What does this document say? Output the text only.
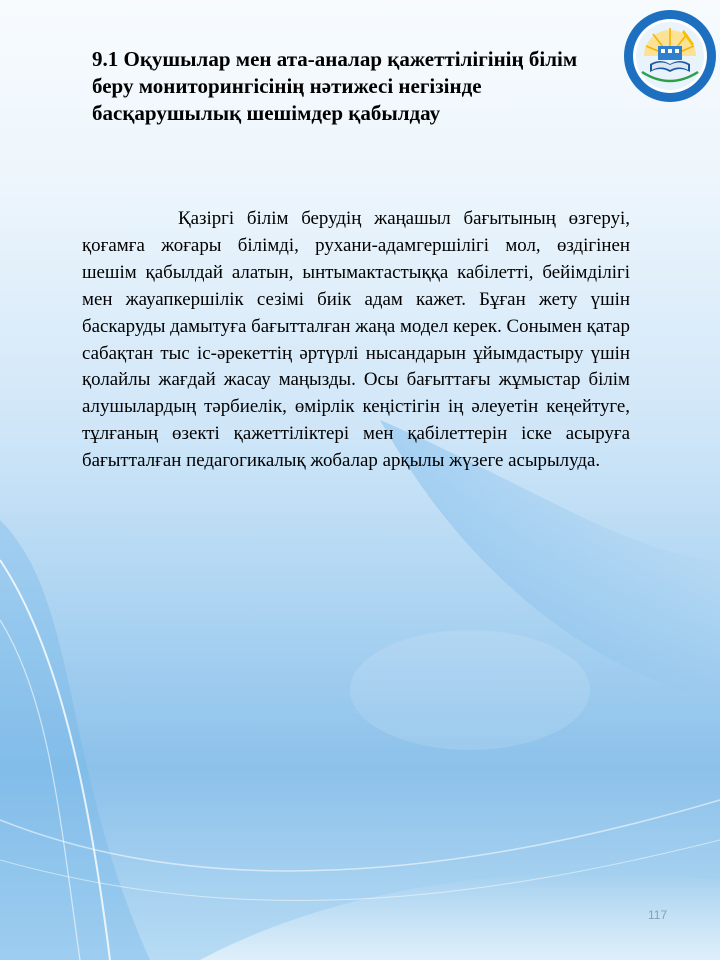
9.1 Оқушылар мен ата-аналар қажеттілігінің білім беру мониторингісінің нәтижесі негізінде басқарушылық шешімдер қабылдау

Қазіргі білім берудің жаңашыл бағытының өзгеруі, қоғамға жоғары білімді, рухани-адамгершілігі мол, өздігінен шешім қабылдай алатын, ынтымактастыққа кабілетті, бейімділігі мен жауапкершілік сезімі биік адам кажет. Бұған жету үшін баскаруды дамытуға бағытталған жаңа модел керек. Сонымен қатар сабақтан тыс іс-әрекеттің әртүрлі нысандарын ұйымдастыру үшін қолайлы жағдай жасау маңызды. Осы бағыттағы жұмыстар білім алушылардың тәрбиелік, өмірлік кеңістігін ің әлеуетін кеңейтуге, тұлғаның өзекті қажеттіліктері мен қабілеттерін іске асыруға бағытталған педагогикалық жобалар арқылы жүзеге асырылуда.

117
